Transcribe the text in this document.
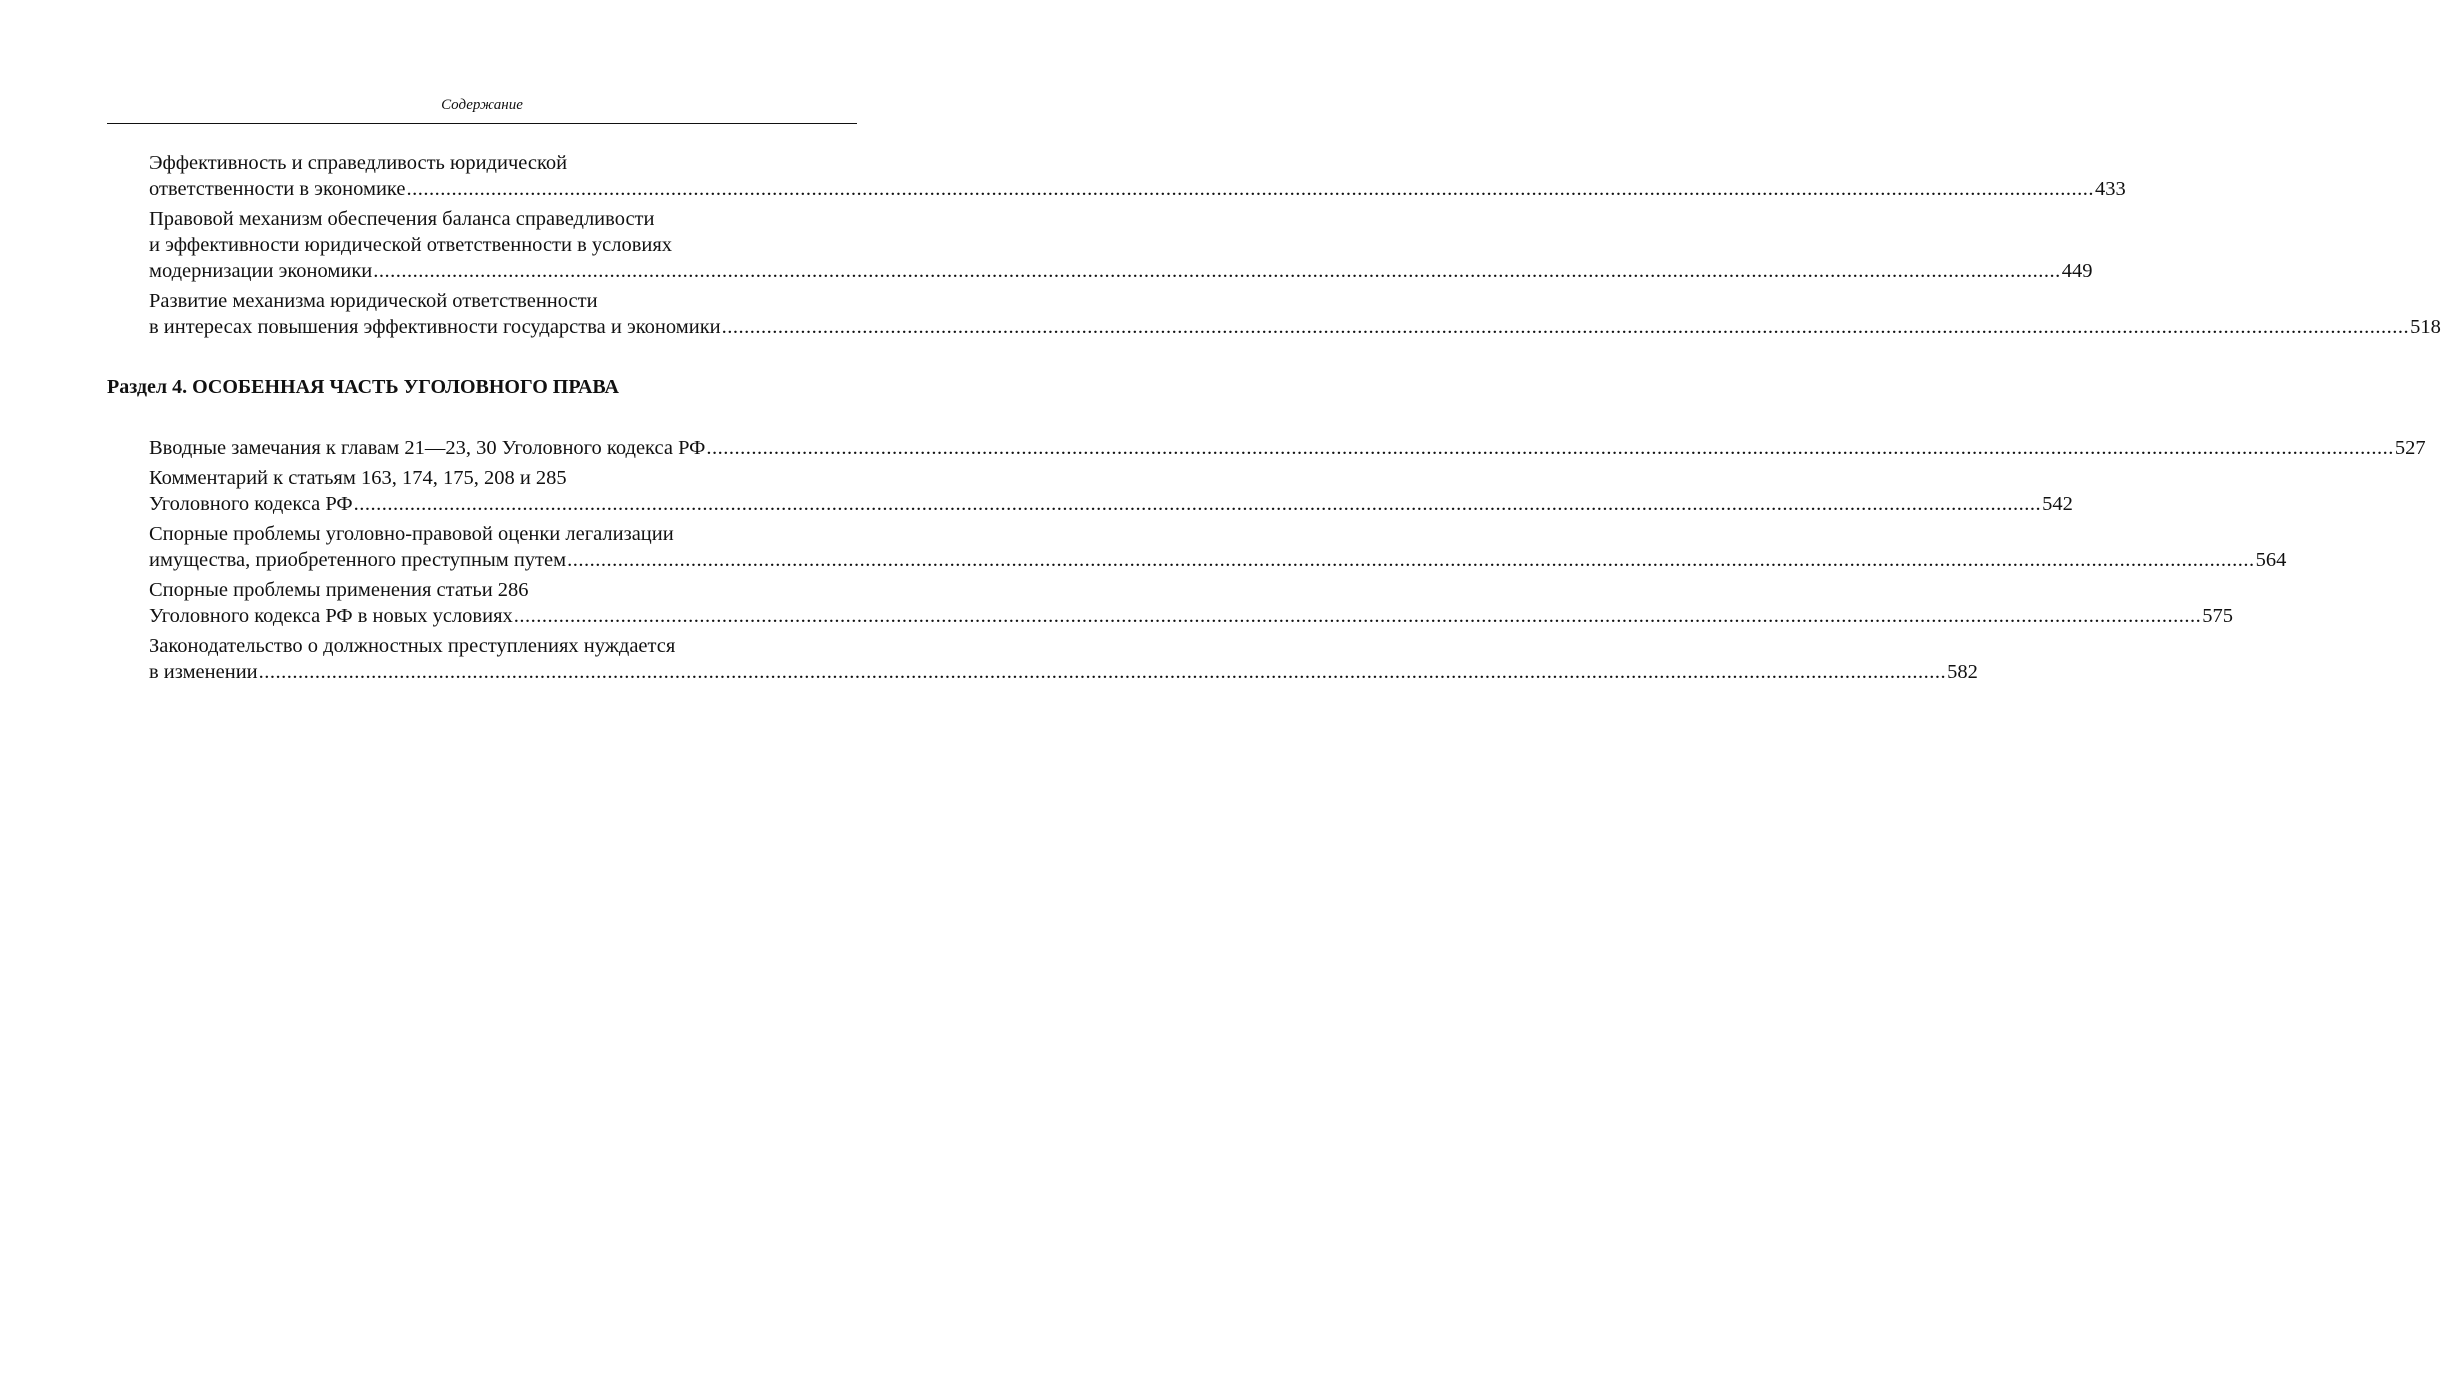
Содержание
Эффективность и справедливость юридической
ответственности в экономике ............................................................................................................................................................................................................................................................................................................ 433
Правовой механизм обеспечения баланса справедливости
и эффективности юридической ответственности в условиях
модернизации экономики ............................................................................................................................................................................................................................................................................................................ 449
Развитие механизма юридической ответственности
в интересах повышения эффективности государства и экономики ............................................................................................................................................................................................................................................................................................................ 518
Раздел 4. ОСОБЕННАЯ ЧАСТЬ УГОЛОВНОГО ПРАВА
Вводные замечания к главам 21—23, 30 Уголовного кодекса РФ ............................................................................................................................................................................................................................................................................................................ 527
Комментарий к статьям 163, 174, 175, 208 и 285
Уголовного кодекса РФ ............................................................................................................................................................................................................................................................................................................ 542
Спорные проблемы уголовно-правовой оценки легализации
имущества, приобретенного преступным путем ............................................................................................................................................................................................................................................................................................................ 564
Спорные проблемы применения статьи 286
Уголовного кодекса РФ в новых условиях ............................................................................................................................................................................................................................................................................................................ 575
Законодательство о должностных преступлениях нуждается
в изменении ............................................................................................................................................................................................................................................................................................................ 582
